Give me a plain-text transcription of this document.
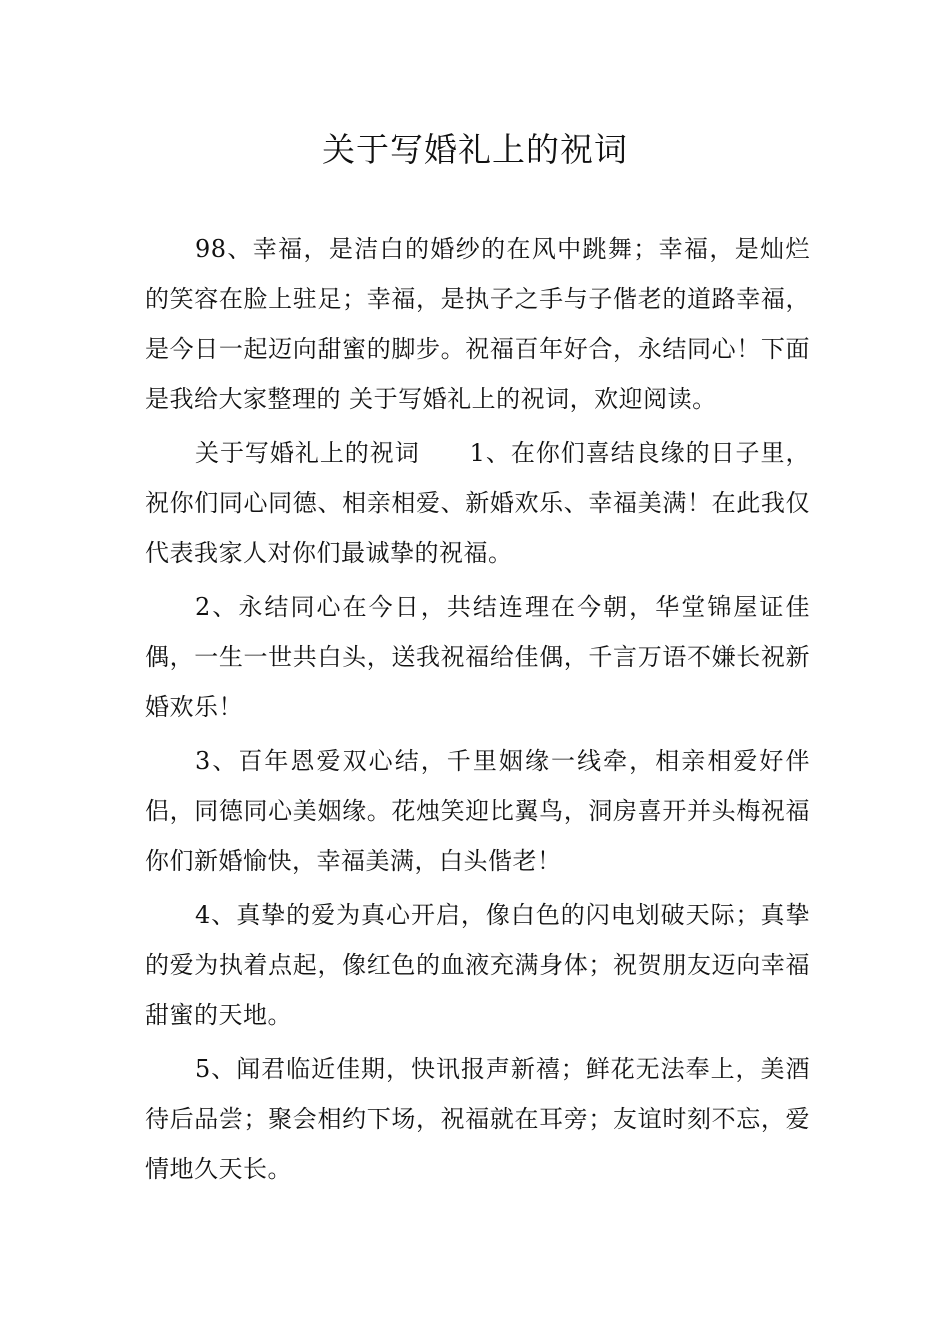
关于写婚礼上的祝词

98、幸福，是洁白的婚纱的在风中跳舞；幸福，是灿烂的笑容在脸上驻足；幸福，是执子之手与子偕老的道路幸福，是今日一起迈向甜蜜的脚步。祝福百年好合，永结同心！下面是我给大家整理的 关于写婚礼上的祝词，欢迎阅读。

关于写婚礼上的祝词　　1、在你们喜结良缘的日子里，祝你们同心同德、相亲相爱、新婚欢乐、幸福美满！在此我仅代表我家人对你们最诚挚的祝福。

2、永结同心在今日，共结连理在今朝，华堂锦屋证佳偶，一生一世共白头，送我祝福给佳偶，千言万语不嫌长祝新婚欢乐！

3、百年恩爱双心结，千里姻缘一线牵，相亲相爱好伴侣，同德同心美姻缘。花烛笑迎比翼鸟，洞房喜开并头梅祝福你们新婚愉快，幸福美满，白头偕老！

4、真挚的爱为真心开启，像白色的闪电划破天际；真挚的爱为执着点起，像红色的血液充满身体；祝贺朋友迈向幸福甜蜜的天地。

5、闻君临近佳期，快讯报声新禧；鲜花无法奉上，美酒待后品尝；聚会相约下场，祝福就在耳旁；友谊时刻不忘，爱情地久天长。
